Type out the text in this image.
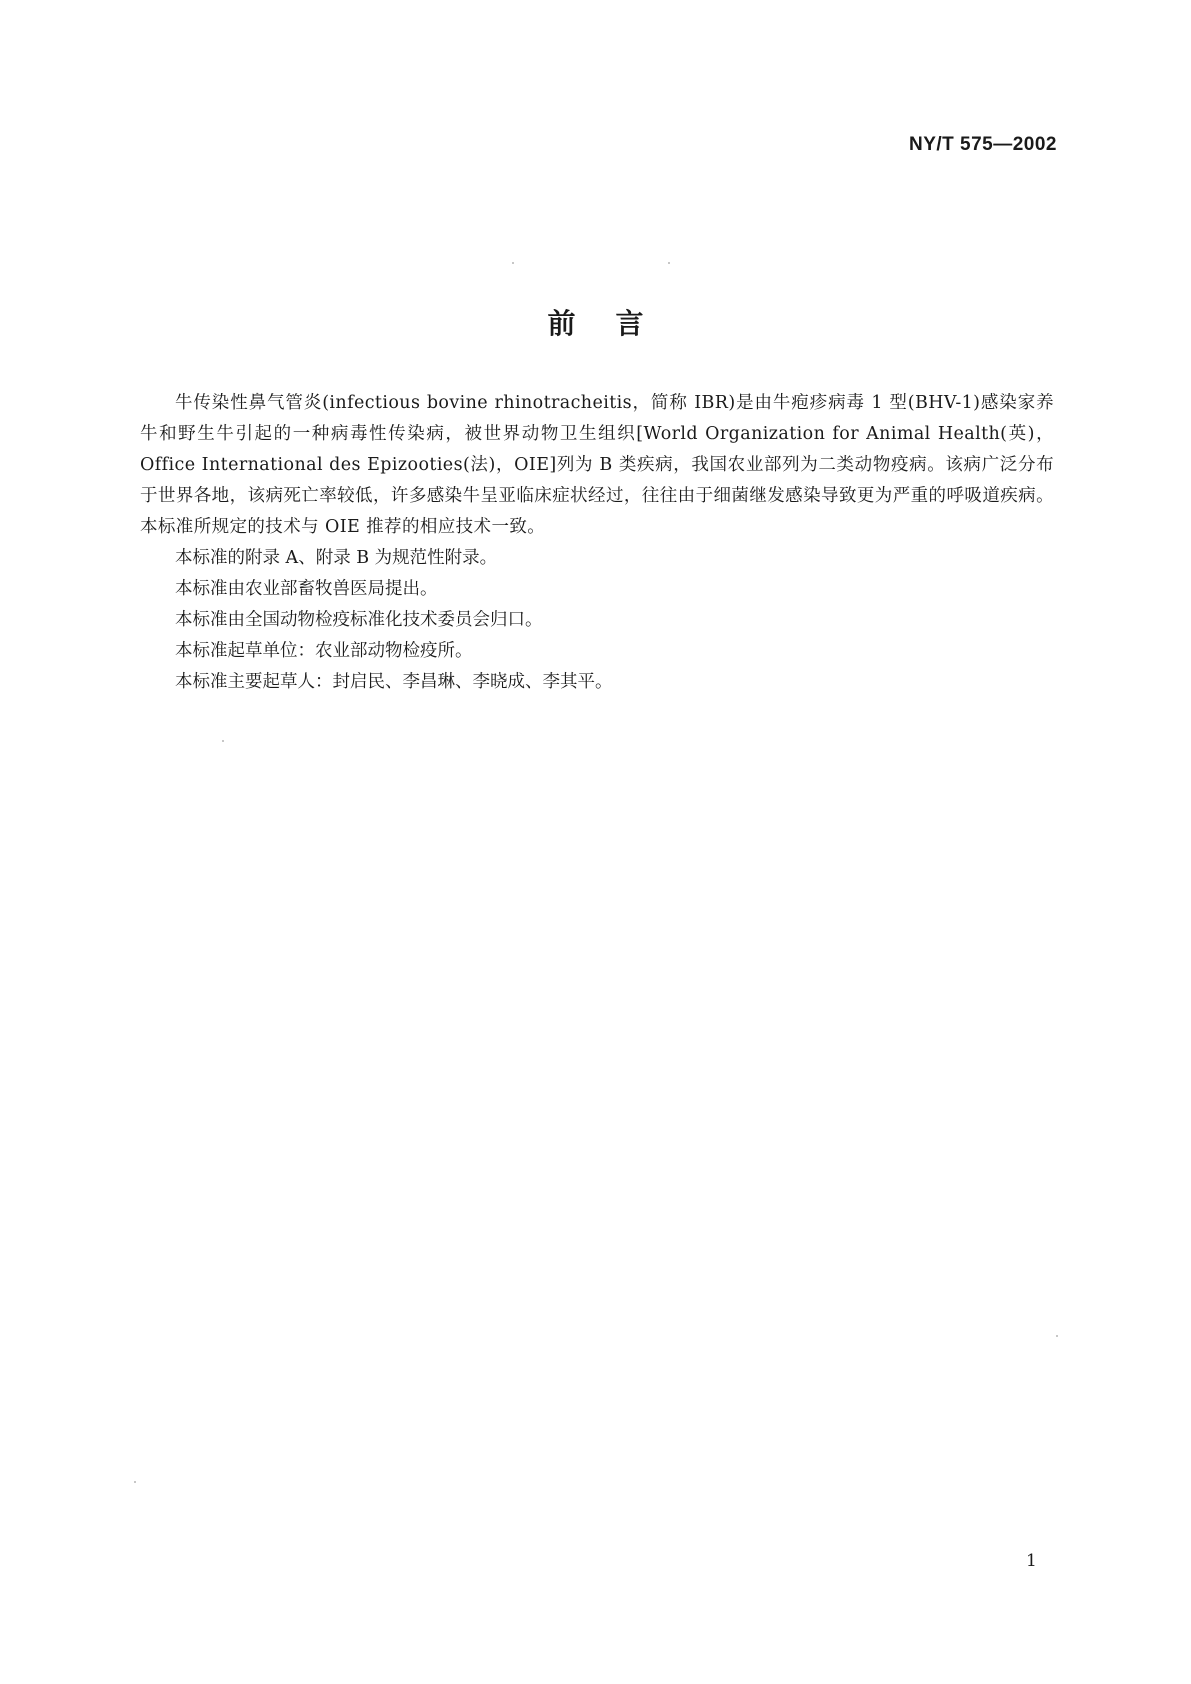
NY/T 575—2002
前言

牛传染性鼻气管炎(infectious bovine rhinotracheitis，简称 IBR)是由牛疱疹病毒 1 型(BHV-1)感染家养牛和野生牛引起的一种病毒性传染病，被世界动物卫生组织[World Organization for Animal Health(英)，Office International des Epizooties(法)，OIE]列为 B 类疾病，我国农业部列为二类动物疫病。该病广泛分布于世界各地，该病死亡率较低，许多感染牛呈亚临床症状经过，往往由于细菌继发感染导致更为严重的呼吸道疾病。本标准所规定的技术与 OIE 推荐的相应技术一致。

本标准的附录 A、附录 B 为规范性附录。

本标准由农业部畜牧兽医局提出。

本标准由全国动物检疫标准化技术委员会归口。

本标准起草单位：农业部动物检疫所。

本标准主要起草人：封启民、李昌琳、李晓成、李其平。

1
